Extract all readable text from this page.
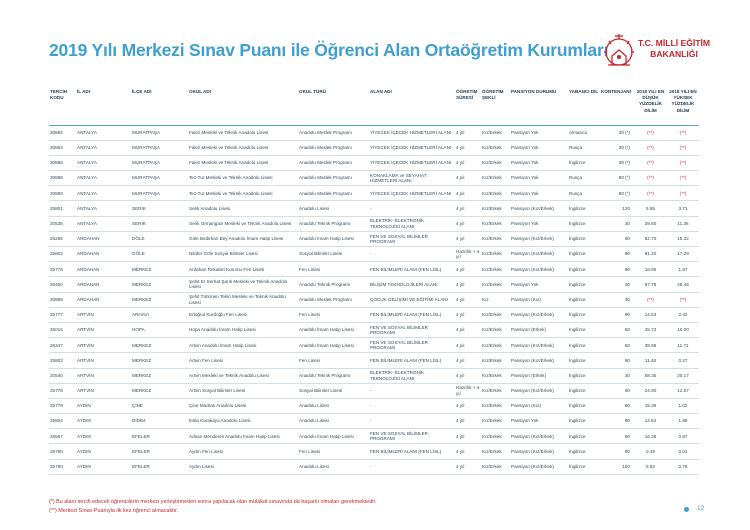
2019 Yılı Merkezi Sınav Puanı ile Öğrenci Alan Ortaöğretim Kurumları	T.C. MİLLİ EĞİTİM
BAKANLIĞI
TERCİH KODU	İL ADI	İLÇE ADI	OKUL ADI	OKUL TÜRÜ	ALAN ADI	ÖĞRETİM SÜRESİ	ÖĞRETİM ŞEKLİ	PANSİYON DURUMU	YABANCI DİL	KONTENJANI	2018 YILI EN DÜŞÜK YÜZDELİK DİLİM	2018 YILI EN YÜKSEK YÜZDELİK DİLİM
30882	ANTALYA	MURATPAŞA	Falez Mesleki ve Teknik Anadolu Lisesi	Anadolu Meslek Programı	YİYECEK İÇECEK HİZMETLERİ ALANI	4 yıl	Kız/Erkek	Pansiyon Yok	Almanca	30 (*)	(**)	(**)
30884	ANTALYA	MURATPAŞA	Falez Mesleki ve Teknik Anadolu Lisesi	Anadolu Meslek Programı	YİYECEK İÇECEK HİZMETLERİ ALANI	4 yıl	Kız/Erkek	Pansiyon Yok	Rusça	30 (*)	(**)	(**)
30885	ANTALYA	MURATPAŞA	Falez Mesleki ve Teknik Anadolu Lisesi	Anadolu Meslek Programı	YİYECEK İÇECEK HİZMETLERİ ALANI	4 yıl	Kız/Erkek	Pansiyon Yok	İngilizce	30 (*)	(**)	(**)
30888	ANTALYA	MURATPAŞA	Tez-Tur Mesleki ve Teknik Anadolu Lisesi	Anadolu Meslek Programı	KONAKLAMA ve SEYAHAT HİZMETLERİ ALANI	4 yıl	Kız/Erkek	Pansiyon Yok	Rusça	90 (*)	(**)	(**)
30889	ANTALYA	MURATPAŞA	Tez-Tur Mesleki ve Teknik Anadolu Lisesi	Anadolu Meslek Programı	YİYECEK İÇECEK HİZMETLERİ ALANI	4 yıl	Kız/Erkek	Pansiyon Yok	Rusça	90 (*)	(**)	(**)
25801	ANTALYA	SERİK	Serik Anadolu Lisesi	Anadolu Lisesi	-	4 yıl	Kız/Erkek	Pansiyon (Kız/Erkek)	İngilizce	120	5.55	3.71
20535	ANTALYA	SERİK	Serik Ormangazi Mesleki ve Teknik Anadolu Lisesi	Anadolu Teknik Programı	ELEKTRİK- ELEKTRONİK TEKNOLOJİSİ ALANI	4 yıl	Kız/Erkek	Pansiyon Yok	İngilizce	30	39.60	11.36
26286	ARDAHAN	DÖLE	Göle Bedirhan Bey Anadolu İmam Hatip Lisesi	Anadolu İmam Hatip Lisesi	FEN VE SOSYAL BİLİMLER PROGRAMI	4 yıl	Kız/Erkek	Pansiyon (Kız/Erkek)	İngilizce	60	62.70	15.32
25802	ARDAHAN	GÖLE	Nilüfer Göle Sosyal Bilimler Lisesi	Sosyal Bilimler Lisesi	-	Hazırlık + 4 yıl	Kız/Erkek	Pansiyon (Kız/Erkek)	İngilizce	90	81.20	17.29
25776	ARDAHAN	MERKEZ	Ardahan Rekabet Kurumu Fen Lisesi	Fen Lisesi	FEN BİLİMLERİ ALANI (FEN LİSL)	4 yıl	Kız/Erkek	Pansiyon (Kız/Erkek)	İngilizce	90	16.95	1.87
20450	ARDAHAN	MERKEZ	Şehit Er Serhat Şarık Mesleki ve Teknik Anadolu Lisesi	Anadolu Teknik Programı	BİLİŞİM TEKNOLOJİLERİ ALANI	4 yıl	Kız/Erkek	Pansiyon Yok	İngilizce	30	57.78	25.46
30889	ARDAHAN	MERKEZ	Şehit Türkmen Tekin Mesleki ve Teknik Anadolu Lisesi	Anadolu Meslek Programı	ÇOCUK GELİŞİMİ VE EĞİTİMİ ALANI	4 yıl	Kız	Pansiyon (Kız)	İngilizce	30	(**)	(**)
25777	ARTVİN	ARHAVİ	Ertuğrul Kurdoğlu Fen Lisesi	Fen Lisesi	FEN BİLİMLERİ ALANI (FEN LİSL)	4 yıl	Kız/Erkek	Pansiyon (Kız/Erkek)	İngilizce	90	14.53	2.42
25015	ARTVİN	HOPA	Hopa Anadolu İmam Hatip Lisesi	Anadolu İmam Hatip Lisesi	FEN VE SOSYAL BİLİMLER PROGRAMI	4 yıl	Kız/Erkek	Pansiyon (Erkek)	İngilizce	60	45.72	10.00
26347	ARTVİN	MERKEZ	Artvin Anadolu İmam Hatip Lisesi	Anadolu İmam Hatip Lisesi	FEN VE SOSYAL BİLİMLER PROGRAMI	4 yıl	Kız/Erkek	Pansiyon (Kız/Erkek)	İngilizce	60	39.96	11.71
25803	ARTVİN	MERKEZ	Artvin Fen Lisesi	Fen Lisesi	FEN BİLİMLERİ ALANI (FEN LİSL)	4 yıl	Kız/Erkek	Pansiyon (Kız/Erkek)	İngilizce	90	11.48	0.27
20540	ARTVİN	MERKEZ	Artvin Mesleki ve Teknik Anadolu Lisesi	Anadolu Teknik Programı	ELEKTRİK- ELEKTRONİK TEKNOLOJİSİ ALANI	4 yıl	Kız/Erkek	Pansiyon (Erkek)	İngilizce	30	58.35	20.17
25778	ARTVİN	MERKEZ	Artvin Sosyal Bilimler Lisesi	Sosyal Bilimler Lisesi	-	Hazırlık + 4 yıl	Kız/Erkek	Pansiyon (Kız/Erkek)	İngilizce	60	24.90	12.57
25779	AYDIN	ÇİNE	Çine Madran Anadolu Lisesi	Anadolu Lisesi	-	4 yıl	Kız/Erkek	Pansiyon (Kız)	İngilizce	60	15.39	1.02
25804	AYDIN	DİDİM	Esila Karakaya Anadolu Lisesi	Anadolu Lisesi	-	4 yıl	Kız/Erkek	Pansiyon Yok	İngilizce	90	14.64	1.89
26567	AYDIN	EFELER	Adnan Menderes Anadolu İmam Hatip Lisesi	Anadolu İmam Hatip Lisesi	FEN VE SOSYAL BİLİMLER PROGRAMI	4 yıl	Kız/Erkek	Pansiyon (Kız/Erkek)	İngilizce	60	16.38	0.87
25780	AYDIN	EFELER	Aydın Fen Lisesi	Fen Lisesi	FEN BİLİMLERİ ALANI (FEN LİSL)	4 yıl	Kız/Erkek	Pansiyon (Kız/Erkek)	İngilizce	90	0.49	0.01
25790	AYDIN	EFELER	Aydın Lisesi	Anadolu Lisesi	-	4 yıl	Kız/Erkek	Pansiyon (Kız/Erkek)	İngilizce	150	5.92	0.79
(*) Bu alanı tercih edecek öğrencilerin merkezi yerleştirmeden sonra yapılacak olan mülakat sınavında da başarılı olmaları gerekmektedir.
(**) Merkezi Sınav Puanıyla ilk kez öğrenci alınacaktır.	12
